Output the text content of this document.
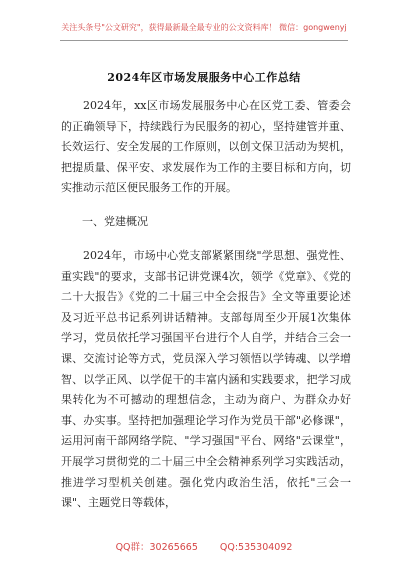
关注头条号"公文研究"，获得最新最全最专业的公文资料库！ 微信：gongwenyj
2024年区市场发展服务中心工作总结

2024年，xx区市场发展服务中心在区党工委、管委会的正确领导下，持续践行为民服务的初心，坚持建管并重、长效运行、安全发展的工作原则，以创文保卫活动为契机，把提质量、保平安、求发展作为工作的主要目标和方向，切实推动示范区便民服务工作的开展。

一、党建概况

2024年，市场中心党支部紧紧围绕"学思想、强党性、重实践"的要求，支部书记讲党课4次，领学《党章》、《党的二十大报告》《党的二十届三中全会报告》全文等重要论述及习近平总书记系列讲话精神。支部每周至少开展1次集体学习，党员依托学习强国平台进行个人自学，并结合三会一课、交流讨论等方式，党员深入学习领悟以学铸魂、以学增智、以学正风、以学促干的丰富内涵和实践要求，把学习成果转化为不可撼动的理想信念，主动为商户、为群众办好事、办实事。坚持把加强理论学习作为党员干部"必修课"，运用河南干部网络学院、"学习强国"平台、网络"云课堂"，开展学习贯彻党的二十届三中全会精神系列学习实践活动，推进学习型机关创建。强化党内政治生活，依托"三会一课"、主题党日等载体，

QQ群：30265665 QQ:535304092
